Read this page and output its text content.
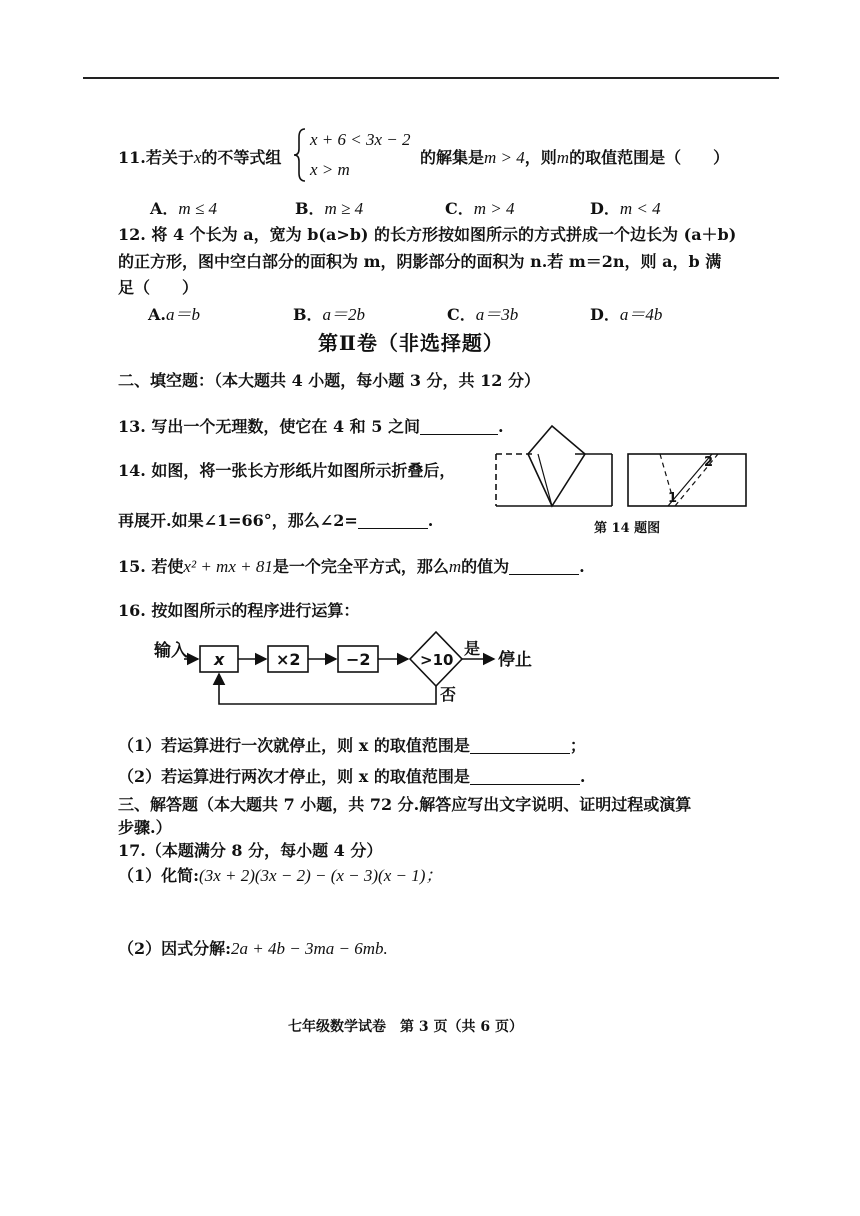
11.若关于x的不等式组
x + 6 < 3x − 2
x > m
的解集是m > 4，则m的取值范围是（　　）
A．m ≤ 4	B．m ≥ 4	C．m > 4	D．m < 4
12. 将 4 个长为 a，宽为 b(a>b) 的长方形按如图所示的方式拼成一个边长为 (a＋b)
的正方形，图中空白部分的面积为 m，阴影部分的面积为 n.若 m＝2n，则 a，b 满
足（　　）
A.a＝b	B．a＝2b	C．a＝3b	D．a＝4b
第Ⅱ卷（非选择题）
二、填空题：（本大题共 4 小题，每小题 3 分，共 12 分）
13. 写出一个无理数，使它在 4 和 5 之间	.
14. 如图，将一张长方形纸片如图所示折叠后，
再展开.如果∠1=66°，那么∠2=	.
1
2
第 14 题图
15. 若使x² + mx + 81是一个完全平方式，那么m的值为	.
16. 按如图所示的程序进行运算：
输入 x	×2	−2	>10
是
停止
否
（1）若运算进行一次就停止，则 x 的取值范围是	；
（2）若运算进行两次才停止，则 x 的取值范围是	.
三、解答题（本大题共 7 小题，共 72 分.解答应写出文字说明、证明过程或演算
步骤.）
17.（本题满分 8 分，每小题 4 分）
（1）化简:(3x + 2)(3x − 2) − (x − 3)(x − 1)；
（2）因式分解:2a + 4b − 3ma − 6mb.
七年级数学试卷　第 3 页（共 6 页）
